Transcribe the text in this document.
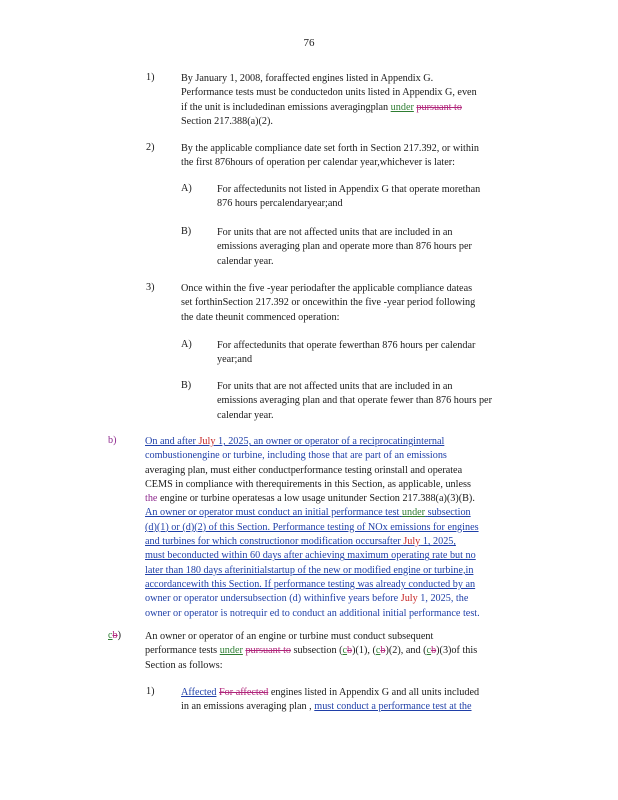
76
1)	By January 1, 2008, foraffected engines listed in Appendix G.
Performance tests must be conductedon units listed in Appendix G, even
if the unit is includedinan emissions averagingplan under pursuant to
Section 217.388(a)(2).
2)	By the applicable compliance date set forth in Section 217.392, or within
the first 876hours of operation per calendar year,whichever is later:
A) For affectedunits not listed in Appendix G that operate morethan
876 hours percalendaryear;and
B)	For units that are not affected units that are included in an
emissions averaging plan and operate more than 876 hours per
calendar year.
3)	Once within the five -year periodafter the applicable compliance dateas
set forthinSection 217.392 or oncewithin the five -year period following
the date theunit commenced operation:
A) For affectedunits that operate fewerthan 876 hours per calendar
year;and
B)	For units that are not affected units that are included in an
emissions averaging plan and that operate fewer than 876 hours per
calendar year.
b)	On and after July 1, 2025, an owner or operator of a reciprocatinginternal
combustionengine or turbine, including those that are part of an emissions
averaging plan, must either conductperformance testing orinstall and operatea
CEMS in compliance with therequirements in this Section, as applicable, unless
the engine or turbine operatesas a low usage unitunder Section 217.388(a)(3)(B).
An owner or operator must conduct an initial performance test under subsection
(d)(1) or (d)(2) of this Section. Performance testing of NOx emissions for engines
and turbines for which constructionor modification occursafter July 1, 2025,
must beconducted within 60 days after achieving maximum operating rate but no
later than 180 days afterinitialstartup of the new or modified engine or turbine,in
accordancewith this Section. If performance testing was already conducted by an
owner or operator undersubsection (d) withinfive years before July 1, 2025, the
owner or operator is notrequir ed to conduct an additional initial performance test.
cb) An owner or operator of an engine or turbine must conduct subsequent
performance tests under pursuant to subsection (cb)(1), (cb)(2), and (cb)(3)of this
Section as follows:
1)	Affected For affected engines listed in Appendix G and all units included
in an emissions averaging plan , must conduct a performance test at the
